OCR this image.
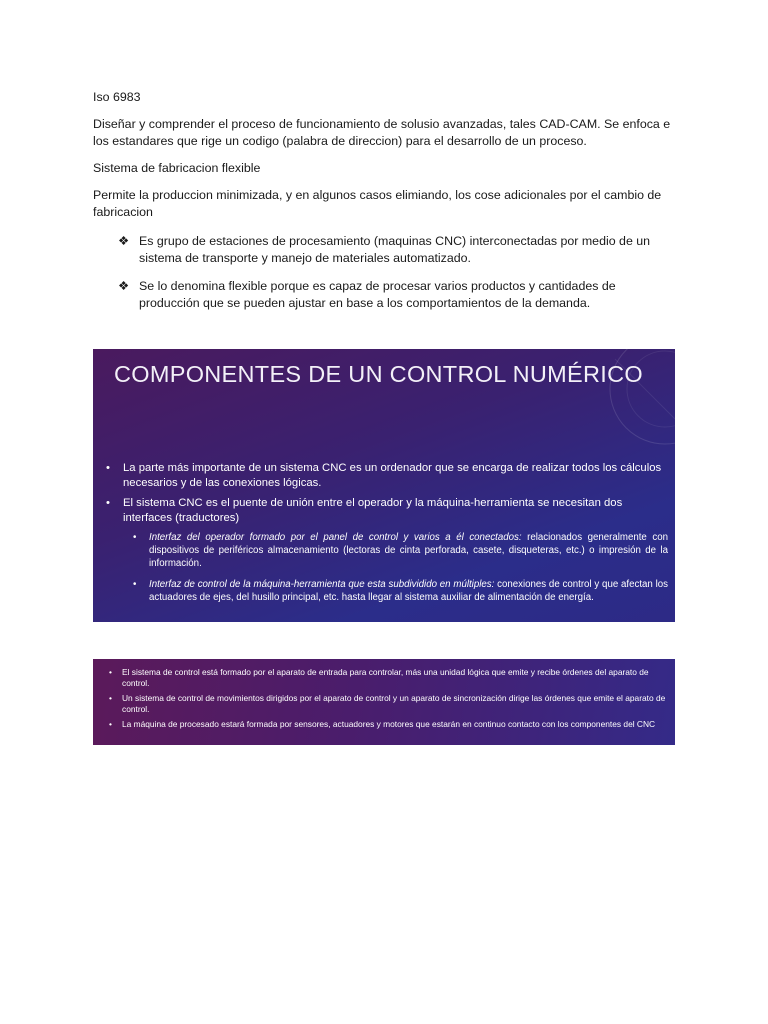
Iso 6983

Diseñar y comprender el proceso de funcionamiento de solusio avanzadas, tales CAD-CAM. Se enfoca e los estandares que rige un codigo (palabra de direccion) para el desarrollo de un proceso.

Sistema de fabricacion flexible

Permite la produccion minimizada, y en algunos casos elimiando, los cose adicionales por el cambio de fabricacion

❖ Es grupo de estaciones de procesamiento (maquinas CNC) interconectadas por medio de un sistema de transporte y manejo de materiales automatizado.
❖ Se lo denomina flexible porque es capaz de procesar varios productos y cantidades de producción que se pueden ajustar en base a los comportamientos de la demanda.
COMPONENTES DE UN CONTROL NUMÉRICO
• La parte más importante de un sistema CNC es un ordenador que se encarga de realizar todos los cálculos necesarios y de las conexiones lógicas.
• El sistema CNC es el puente de unión entre el operador y la máquina-herramienta se necesitan dos interfaces (traductores)
• Interfaz del operador formado por el panel de control y varios a él conectados: relacionados generalmente con dispositivos de periféricos almacenamiento (lectoras de cinta perforada, casete, disqueteras, etc.) o impresión de la información.
• Interfaz de control de la máquina-herramienta que esta subdividido en múltiples: conexiones de control y que afectan los actuadores de ejes, del husillo principal, etc. hasta llegar al sistema auxiliar de alimentación de energía.
• El sistema de control está formado por el aparato de entrada para controlar, más una unidad lógica que emite y recibe órdenes del aparato de control.
• Un sistema de control de movimientos dirigidos por el aparato de control y un aparato de sincronización dirige las órdenes que emite el aparato de control.
• La máquina de procesado estará formada por sensores, actuadores y motores que estarán en continuo contacto con los componentes del CNC
